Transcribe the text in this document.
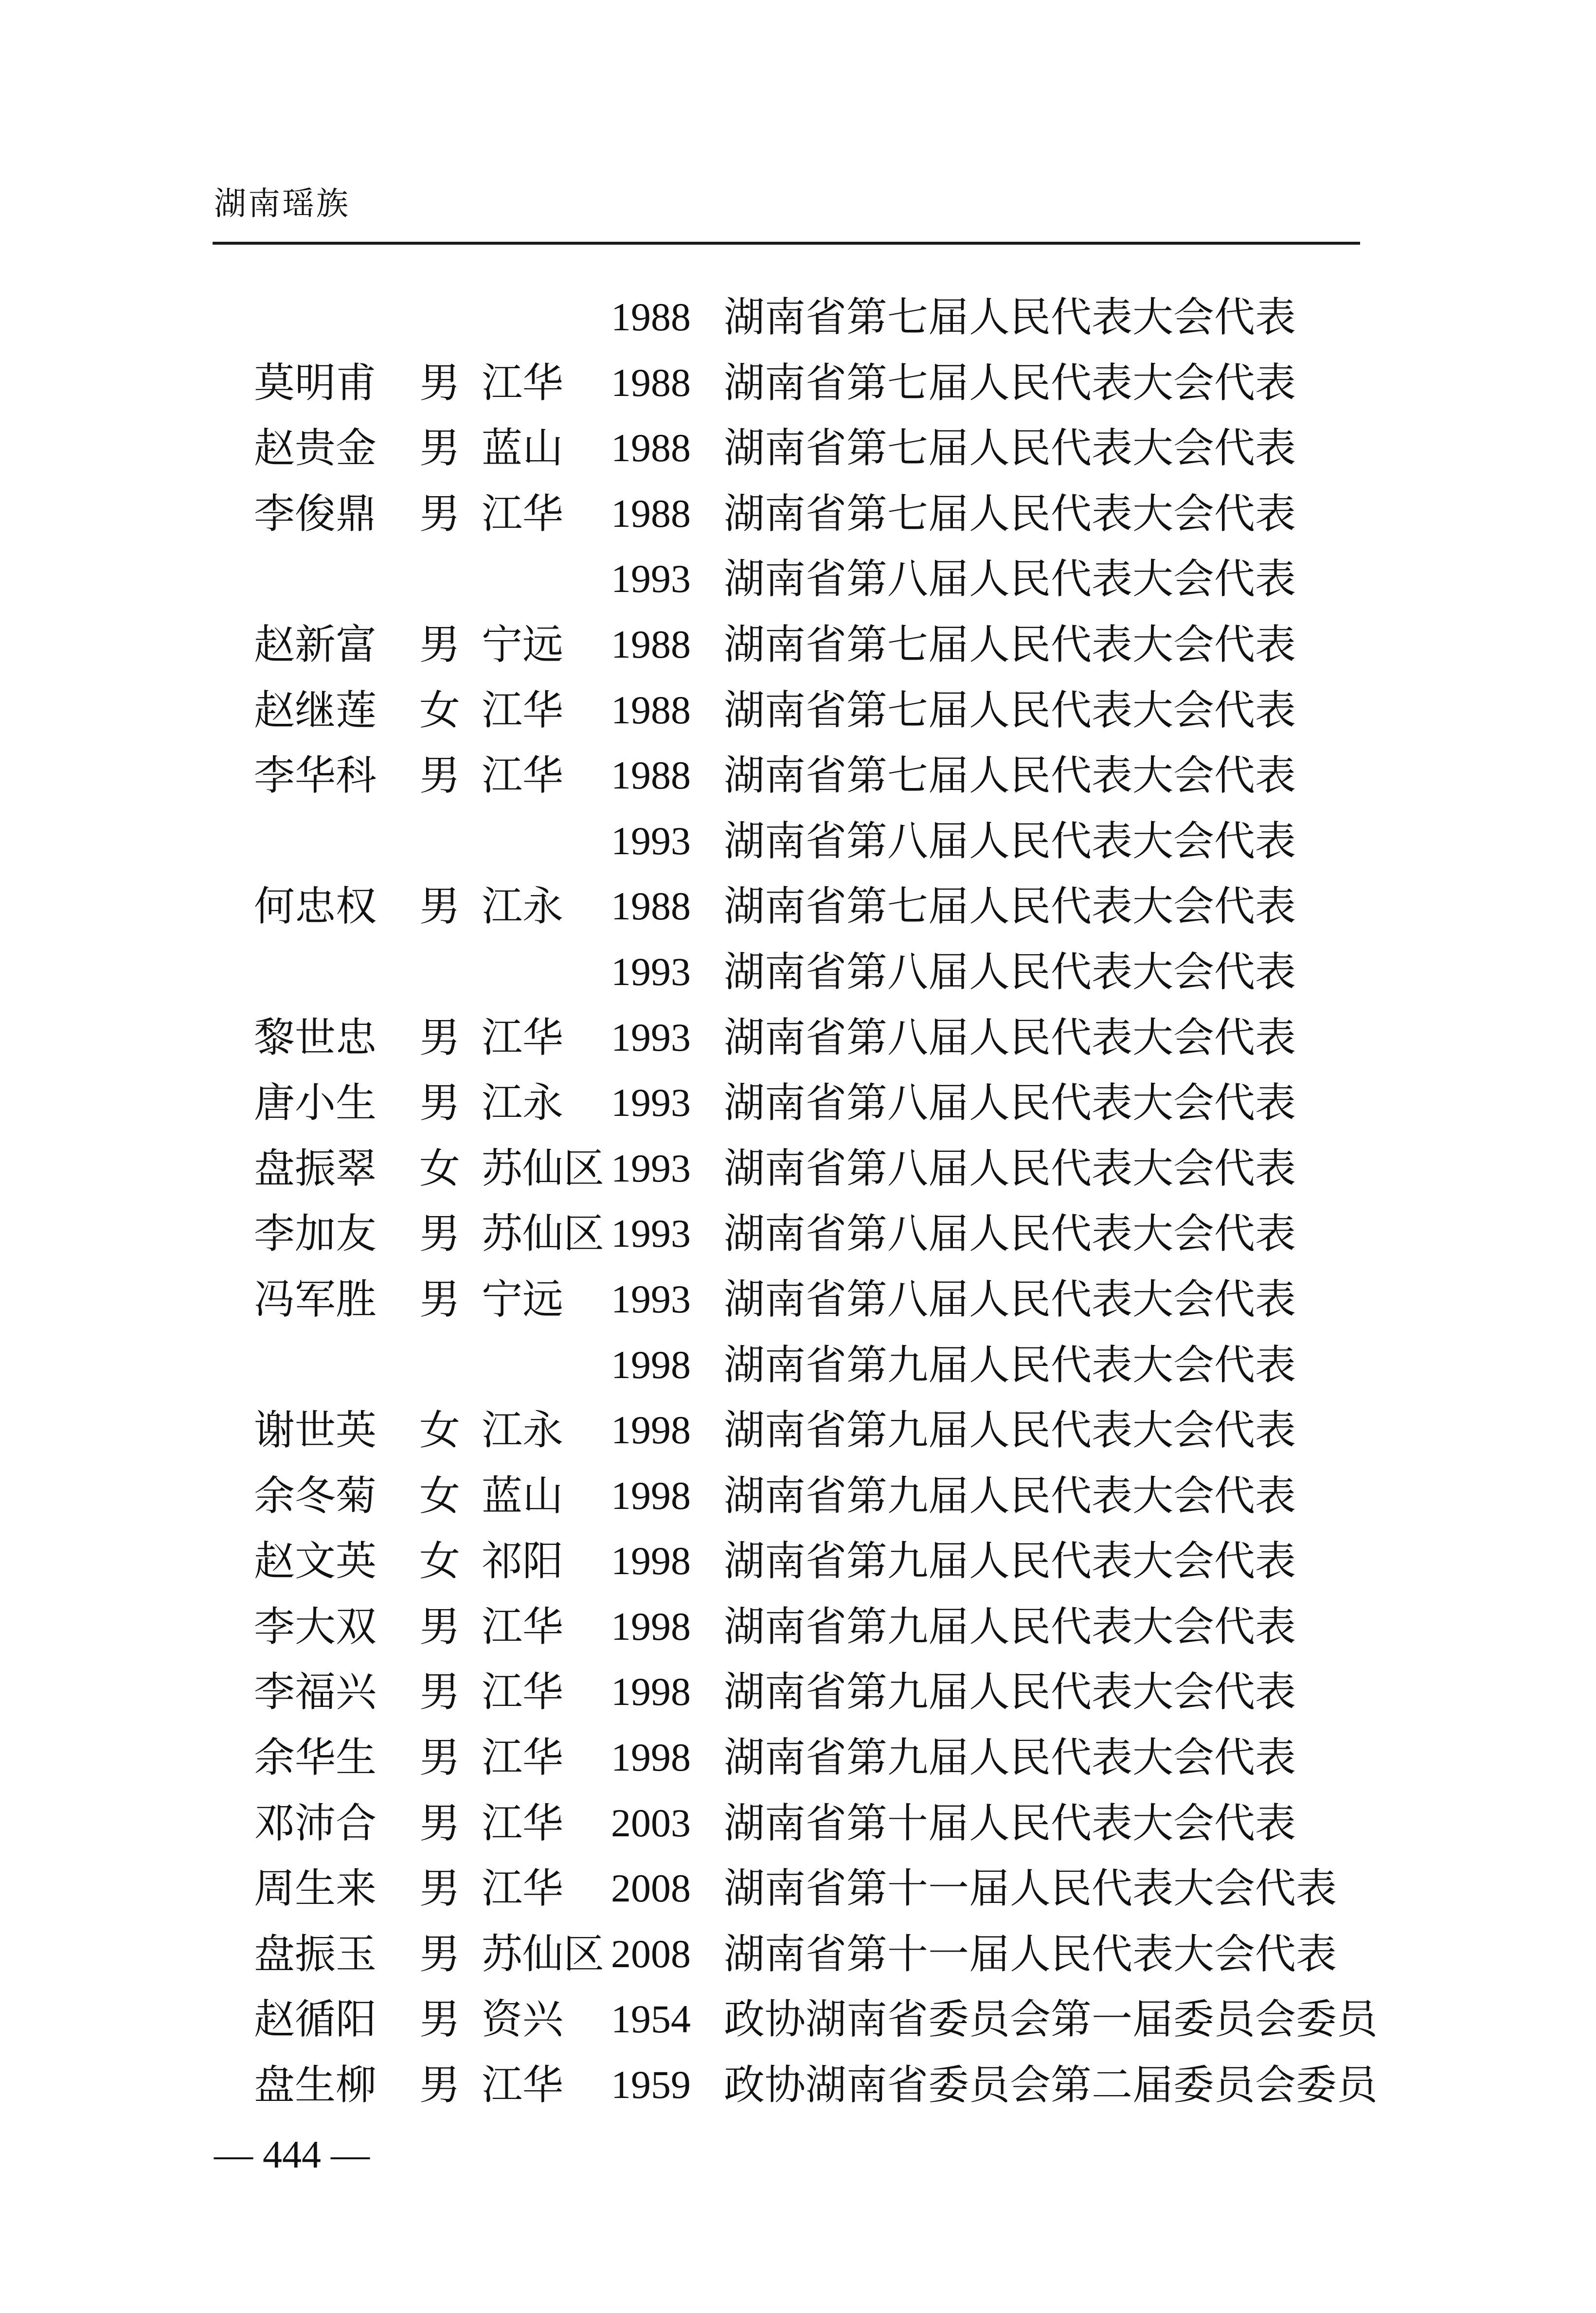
湖南瑶族
1988 湖南省第七届人民代表大会代表
莫明甫 男 江华 1988 湖南省第七届人民代表大会代表
赵贵金 男 蓝山 1988 湖南省第七届人民代表大会代表
李俊鼎 男 江华 1988 湖南省第七届人民代表大会代表
1993 湖南省第八届人民代表大会代表
赵新富 男 宁远 1988 湖南省第七届人民代表大会代表
赵继莲 女 江华 1988 湖南省第七届人民代表大会代表
李华科 男 江华 1988 湖南省第七届人民代表大会代表
1993 湖南省第八届人民代表大会代表
何忠权 男 江永 1988 湖南省第七届人民代表大会代表
1993 湖南省第八届人民代表大会代表
黎世忠 男 江华 1993 湖南省第八届人民代表大会代表
唐小生 男 江永 1993 湖南省第八届人民代表大会代表
盘振翠 女 苏仙区 1993 湖南省第八届人民代表大会代表
李加友 男 苏仙区 1993 湖南省第八届人民代表大会代表
冯军胜 男 宁远 1993 湖南省第八届人民代表大会代表
1998 湖南省第九届人民代表大会代表
谢世英 女 江永 1998 湖南省第九届人民代表大会代表
余冬菊 女 蓝山 1998 湖南省第九届人民代表大会代表
赵文英 女 祁阳 1998 湖南省第九届人民代表大会代表
李大双 男 江华 1998 湖南省第九届人民代表大会代表
李福兴 男 江华 1998 湖南省第九届人民代表大会代表
余华生 男 江华 1998 湖南省第九届人民代表大会代表
邓沛合 男 江华 2003 湖南省第十届人民代表大会代表
周生来 男 江华 2008 湖南省第十一届人民代表大会代表
盘振玉 男 苏仙区 2008 湖南省第十一届人民代表大会代表
赵循阳 男 资兴 1954 政协湖南省委员会第一届委员会委员
盘生柳 男 江华 1959 政协湖南省委员会第二届委员会委员
— 444 —
